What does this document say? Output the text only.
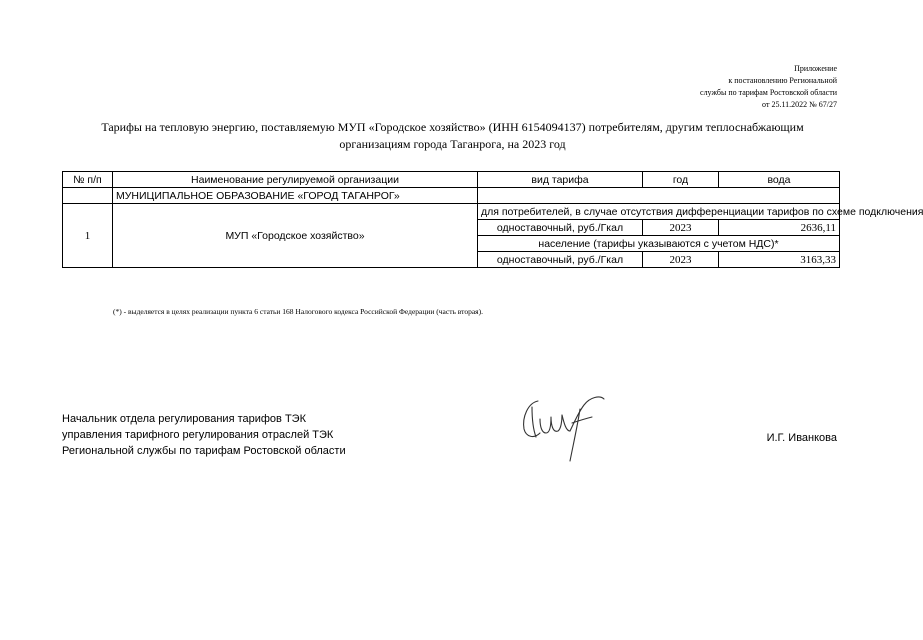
Приложение
к постановлению Региональной
службы по тарифам Ростовской области
от 25.11.2022 № 67/27
Тарифы на тепловую энергию, поставляемую МУП «Городское хозяйство» (ИНН 6154094137) потребителям, другим теплоснабжающим
организациям города Таганрога, на 2023 год
№ п/п	Наименование регулируемой организации	вид тарифа	год	вода
	МУНИЦИПАЛЬНОЕ ОБРАЗОВАНИЕ «ГОРОД ТАГАНРОГ»			
1	МУП «Городское хозяйство»	для потребителей, в случае отсутствия дифференциации тарифов по схеме подключения		
		одноставочный, руб./Гкал	2023	2636,11
		население (тарифы указываются с учетом НДС)*		
		одноставочный, руб./Гкал	2023	3163,33
(*) - выделяется в целях реализации пункта 6 статьи 168 Налогового кодекса Российской Федерации (часть вторая).
Начальник отдела регулирования тарифов ТЭК
управления тарифного регулирования отраслей ТЭК
Региональной службы по тарифам Ростовской области
И.Г. Иванкова
